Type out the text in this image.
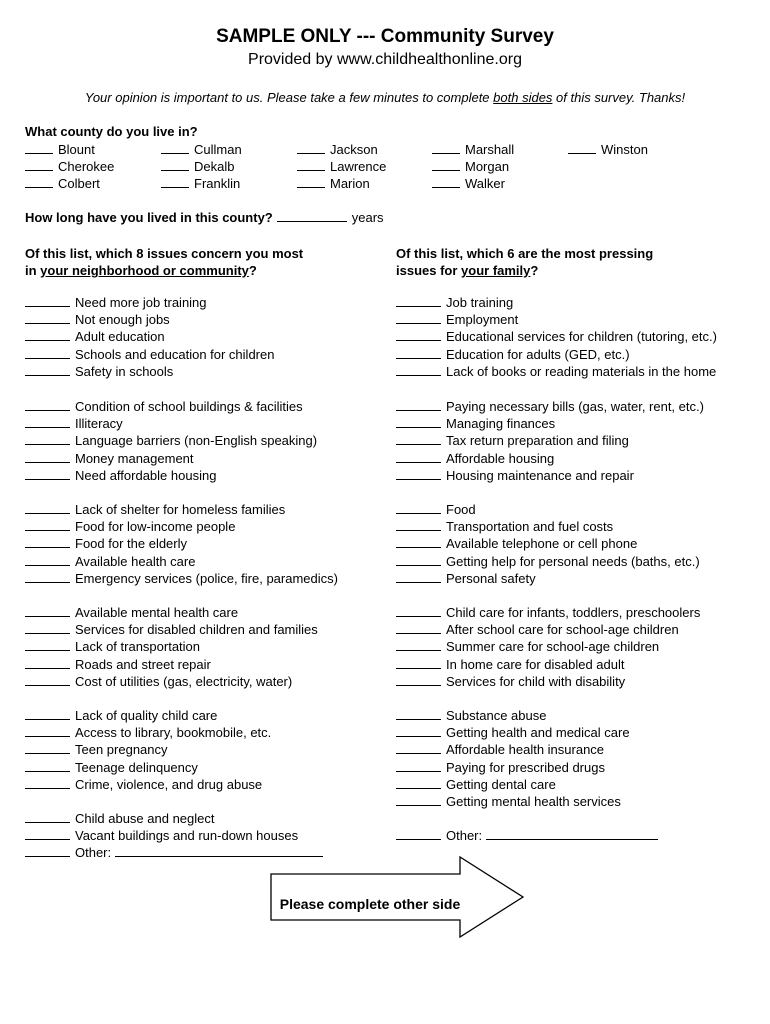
SAMPLE ONLY --- Community Survey
Provided by www.childhealthonline.org
Your opinion is important to us. Please take a few minutes to complete both sides of this survey. Thanks!
What county do you live in?
Blount
Cherokee
Colbert
Cullman
Dekalb
Franklin
Jackson
Lawrence
Marion
Marshall
Morgan
Walker
Winston
How long have you lived in this county?	years
Of this list, which 8 issues concern you most
in your neighborhood or community?
Of this list, which 6 are the most pressing
issues for your family?
Need more job training
Not enough jobs
Adult education
Schools and education for children
Safety in schools
Condition of school buildings & facilities
Illiteracy
Language barriers (non-English speaking)
Money management
Need affordable housing
Lack of shelter for homeless families
Food for low-income people
Food for the elderly
Available health care
Emergency services (police, fire, paramedics)
Available mental health care
Services for disabled children and families
Lack of transportation
Roads and street repair
Cost of utilities (gas, electricity, water)
Lack of quality child care
Access to library, bookmobile, etc.
Teen pregnancy
Teenage delinquency
Crime, violence, and drug abuse
Child abuse and neglect
Vacant buildings and run-down houses
Other:
Job training
Employment
Educational services for children (tutoring, etc.)
Education for adults (GED, etc.)
Lack of books or reading materials in the home
Paying necessary bills (gas, water, rent, etc.)
Managing finances
Tax return preparation and filing
Affordable housing
Housing maintenance and repair
Food
Transportation and fuel costs
Available telephone or cell phone
Getting help for personal needs (baths, etc.)
Personal safety
Child care for infants, toddlers, preschoolers
After school care for school-age children
Summer care for school-age children
In home care for disabled adult
Services for child with disability
Substance abuse
Getting health and medical care
Affordable health insurance
Paying for prescribed drugs
Getting dental care
Getting mental health services
Other:
Please complete other side
